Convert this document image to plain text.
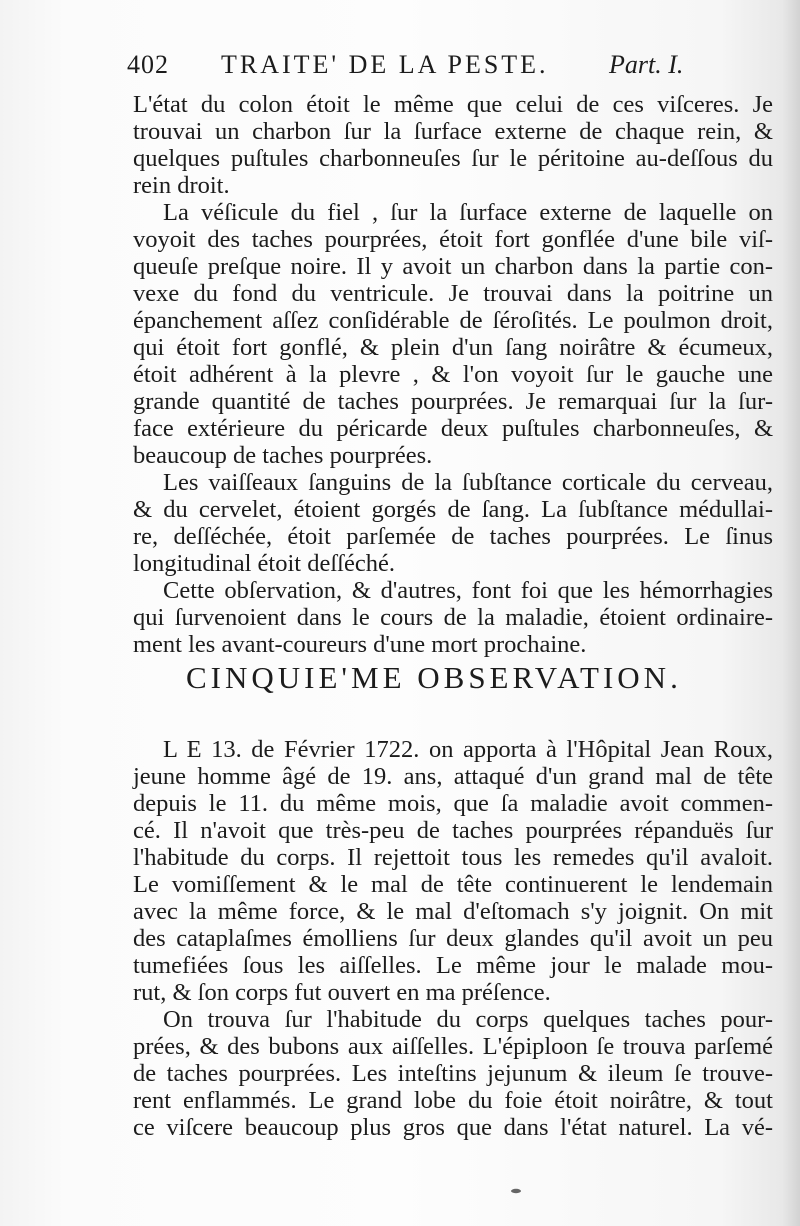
402 TRAITE' DE LA PESTE. Part. I.
L'état du colon étoit le même que celui de ces viſceres. Je
trouvai un charbon ſur la ſurface externe de chaque rein, &
quelques puſtules charbonneuſes ſur le péritoine au-deſſous du
rein droit.
La véſicule du fiel , ſur la ſurface externe de laquelle on
voyoit des taches pourprées, étoit fort gonflée d'une bile viſ-
queuſe preſque noire. Il y avoit un charbon dans la partie con-
vexe du fond du ventricule. Je trouvai dans la poitrine un
épanchement aſſez conſidérable de ſéroſités. Le poulmon droit,
qui étoit fort gonflé, & plein d'un ſang noirâtre & écumeux,
étoit adhérent à la plevre , & l'on voyoit ſur le gauche une
grande quantité de taches pourprées. Je remarquai ſur la ſur-
face extérieure du péricarde deux puſtules charbonneuſes, &
beaucoup de taches pourprées.
Les vaiſſeaux ſanguins de la ſubſtance corticale du cerveau,
& du cervelet, étoient gorgés de ſang. La ſubſtance médullai-
re, deſſéchée, étoit parſemée de taches pourprées. Le ſinus
longitudinal étoit deſſéché.
Cette obſervation, & d'autres, font foi que les hémorrhagies
qui ſurvenoient dans le cours de la maladie, étoient ordinaire-
ment les avant-coureurs d'une mort prochaine.
CINQUIE'ME OBSERVATION.
L E 13. de Février 1722. on apporta à l'Hôpital Jean Roux,
jeune homme âgé de 19. ans, attaqué d'un grand mal de tête
depuis le 11. du même mois, que ſa maladie avoit commen-
cé. Il n'avoit que très-peu de taches pourprées répanduës ſur
l'habitude du corps. Il rejettoit tous les remedes qu'il avaloit.
Le vomiſſement & le mal de tête continuerent le lendemain
avec la même force, & le mal d'eſtomach s'y joignit. On mit
des cataplaſmes émolliens ſur deux glandes qu'il avoit un peu
tumefiées ſous les aiſſelles. Le même jour le malade mou-
rut, & ſon corps fut ouvert en ma préſence.
On trouva ſur l'habitude du corps quelques taches pour-
prées, & des bubons aux aiſſelles. L'épiploon ſe trouva parſemé
de taches pourprées. Les inteſtins jejunum & ileum ſe trouve-
rent enflammés. Le grand lobe du foie étoit noirâtre, & tout
ce viſcere beaucoup plus gros que dans l'état naturel. La vé-
